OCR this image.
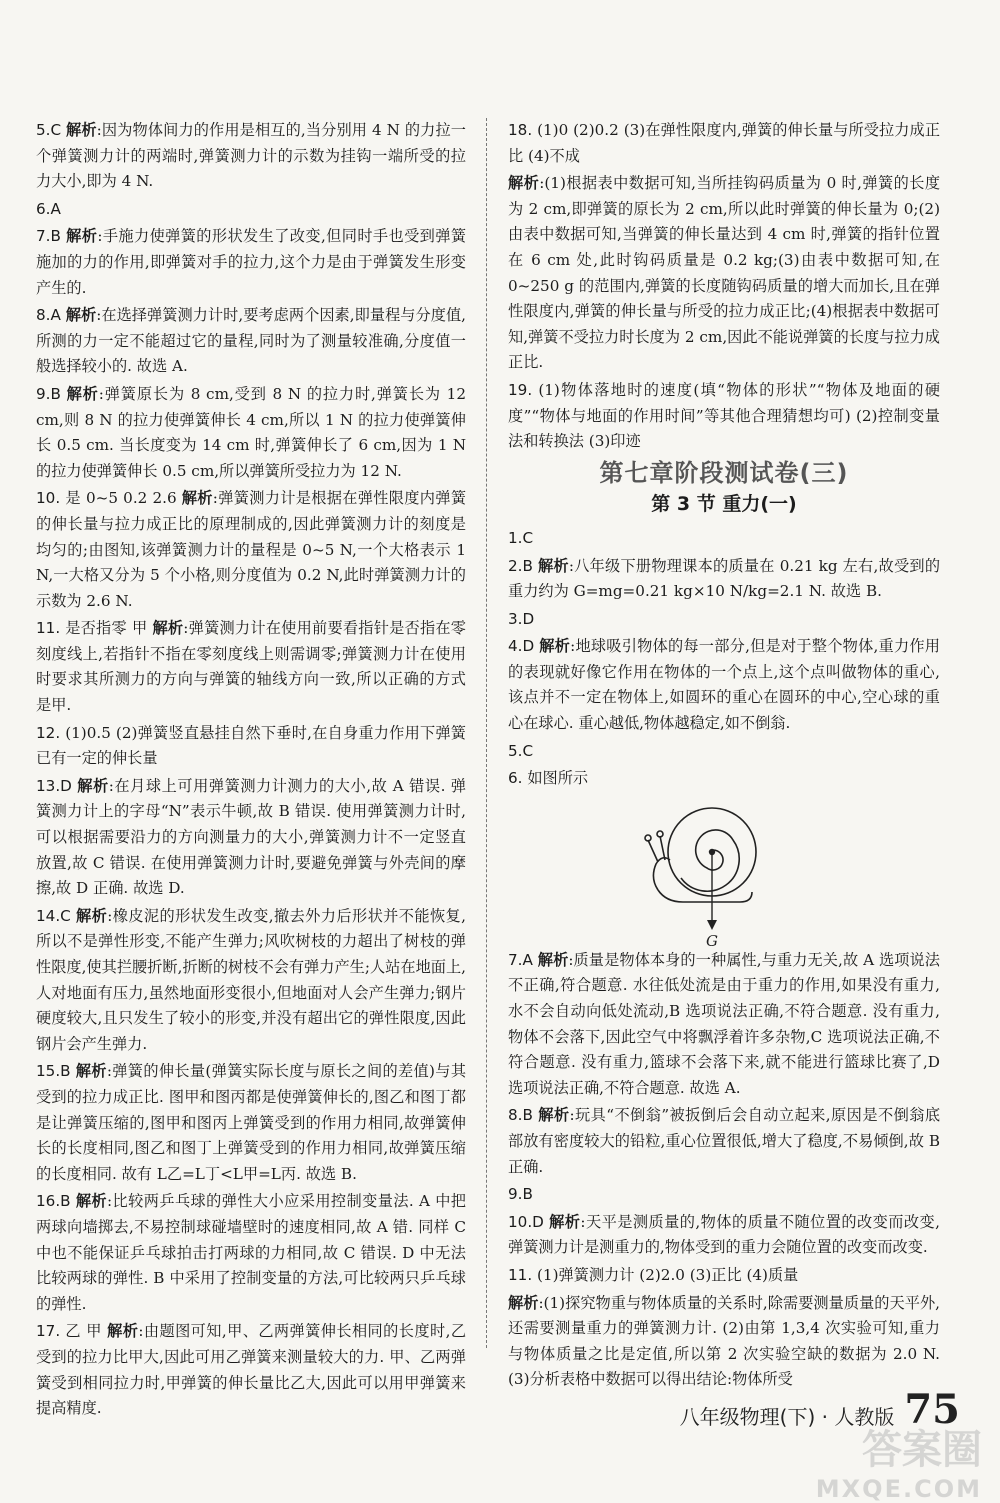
5.C 解析:因为物体间力的作用是相互的,当分别用 4 N 的力拉一个弹簧测力计的两端时,弹簧测力计的示数为挂钩一端所受的拉力大小,即为 4 N.
6.A
7.B 解析:手施力使弹簧的形状发生了改变,但同时手也受到弹簧施加的力的作用,即弹簧对手的拉力,这个力是由于弹簧发生形变产生的.
8.A 解析:在选择弹簧测力计时,要考虑两个因素,即量程与分度值,所测的力一定不能超过它的量程,同时为了测量较准确,分度值一般选择较小的. 故选 A.
9.B 解析:弹簧原长为 8 cm,受到 8 N 的拉力时,弹簧长为 12 cm,则 8 N 的拉力使弹簧伸长 4 cm,所以 1 N 的拉力使弹簧伸长 0.5 cm. 当长度变为 14 cm 时,弹簧伸长了 6 cm,因为 1 N 的拉力使弹簧伸长 0.5 cm,所以弹簧所受拉力为 12 N.
10. 是 0~5 0.2 2.6 解析:弹簧测力计是根据在弹性限度内弹簧的伸长量与拉力成正比的原理制成的,因此弹簧测力计的刻度是均匀的;由图知,该弹簧测力计的量程是 0~5 N,一个大格表示 1 N,一大格又分为 5 个小格,则分度值为 0.2 N,此时弹簧测力计的示数为 2.6 N.
11. 是否指零 甲 解析:弹簧测力计在使用前要看指针是否指在零刻度线上,若指针不指在零刻度线上则需调零;弹簧测力计在使用时要求其所测力的方向与弹簧的轴线方向一致,所以正确的方式是甲.
12. (1)0.5 (2)弹簧竖直悬挂自然下垂时,在自身重力作用下弹簧已有一定的伸长量
13.D 解析:在月球上可用弹簧测力计测力的大小,故 A 错误. 弹簧测力计上的字母“N”表示牛顿,故 B 错误. 使用弹簧测力计时,可以根据需要沿力的方向测量力的大小,弹簧测力计不一定竖直放置,故 C 错误. 在使用弹簧测力计时,要避免弹簧与外壳间的摩擦,故 D 正确. 故选 D.
14.C 解析:橡皮泥的形状发生改变,撤去外力后形状并不能恢复,所以不是弹性形变,不能产生弹力;风吹树枝的力超出了树枝的弹性限度,使其拦腰折断,折断的树枝不会有弹力产生;人站在地面上,人对地面有压力,虽然地面形变很小,但地面对人会产生弹力;钢片硬度较大,且只发生了较小的形变,并没有超出它的弹性限度,因此钢片会产生弹力.
15.B 解析:弹簧的伸长量(弹簧实际长度与原长之间的差值)与其受到的拉力成正比. 图甲和图丙都是使弹簧伸长的,图乙和图丁都是让弹簧压缩的,图甲和图丙上弹簧受到的作用力相同,故弹簧伸长的长度相同,图乙和图丁上弹簧受到的作用力相同,故弹簧压缩的长度相同. 故有 L乙=L丁<L甲=L丙. 故选 B.
16.B 解析:比较两乒乓球的弹性大小应采用控制变量法. A 中把两球向墙掷去,不易控制球碰墙壁时的速度相同,故 A 错. 同样 C 中也不能保证乒乓球拍击打两球的力相同,故 C 错误. D 中无法比较两球的弹性. B 中采用了控制变量的方法,可比较两只乒乓球的弹性.
17. 乙 甲 解析:由题图可知,甲、乙两弹簧伸长相同的长度时,乙受到的拉力比甲大,因此可用乙弹簧来测量较大的力. 甲、乙两弹簧受到相同拉力时,甲弹簧的伸长量比乙大,因此可以用甲弹簧来提高精度.
18. (1)0 (2)0.2 (3)在弹性限度内,弹簧的伸长量与所受拉力成正比 (4)不成
解析:(1)根据表中数据可知,当所挂钩码质量为 0 时,弹簧的长度为 2 cm,即弹簧的原长为 2 cm,所以此时弹簧的伸长量为 0;(2)由表中数据可知,当弹簧的伸长量达到 4 cm 时,弹簧的指针位置在 6 cm 处,此时钩码质量是 0.2 kg;(3)由表中数据可知,在 0~250 g 的范围内,弹簧的长度随钩码质量的增大而加长,且在弹性限度内,弹簧的伸长量与所受的拉力成正比;(4)根据表中数据可知,弹簧不受拉力时长度为 2 cm,因此不能说弹簧的长度与拉力成正比.
19. (1)物体落地时的速度(填“物体的形状”“物体及地面的硬度”“物体与地面的作用时间”等其他合理猜想均可) (2)控制变量法和转换法 (3)印迹
第七章阶段测试卷(三)
第 3 节 重力(一)
1.C
2.B 解析:八年级下册物理课本的质量在 0.21 kg 左右,故受到的重力约为 G=mg=0.21 kg×10 N/kg=2.1 N. 故选 B.
3.D
4.D 解析:地球吸引物体的每一部分,但是对于整个物体,重力作用的表现就好像它作用在物体的一个点上,这个点叫做物体的重心,该点并不一定在物体上,如圆环的重心在圆环的中心,空心球的重心在球心. 重心越低,物体越稳定,如不倒翁.
5.C
6. 如图所示
G
7.A 解析:质量是物体本身的一种属性,与重力无关,故 A 选项说法不正确,符合题意. 水往低处流是由于重力的作用,如果没有重力,水不会自动向低处流动,B 选项说法正确,不符合题意. 没有重力,物体不会落下,因此空气中将飘浮着许多杂物,C 选项说法正确,不符合题意. 没有重力,篮球不会落下来,就不能进行篮球比赛了,D 选项说法正确,不符合题意. 故选 A.
8.B 解析:玩具“不倒翁”被扳倒后会自动立起来,原因是不倒翁底部放有密度较大的铅粒,重心位置很低,增大了稳度,不易倾倒,故 B 正确.
9.B
10.D 解析:天平是测质量的,物体的质量不随位置的改变而改变,弹簧测力计是测重力的,物体受到的重力会随位置的改变而改变.
11. (1)弹簧测力计 (2)2.0 (3)正比 (4)质量
解析:(1)探究物重与物体质量的关系时,除需要测量质量的天平外,还需要测量重力的弹簧测力计. (2)由第 1,3,4 次实验可知,重力与物体质量之比是定值,所以第 2 次实验空缺的数据为 2.0 N. (3)分析表格中数据可以得出结论:物体所受
八年级物理(下) · 人教版 75
答案圈
MXQE.COM
